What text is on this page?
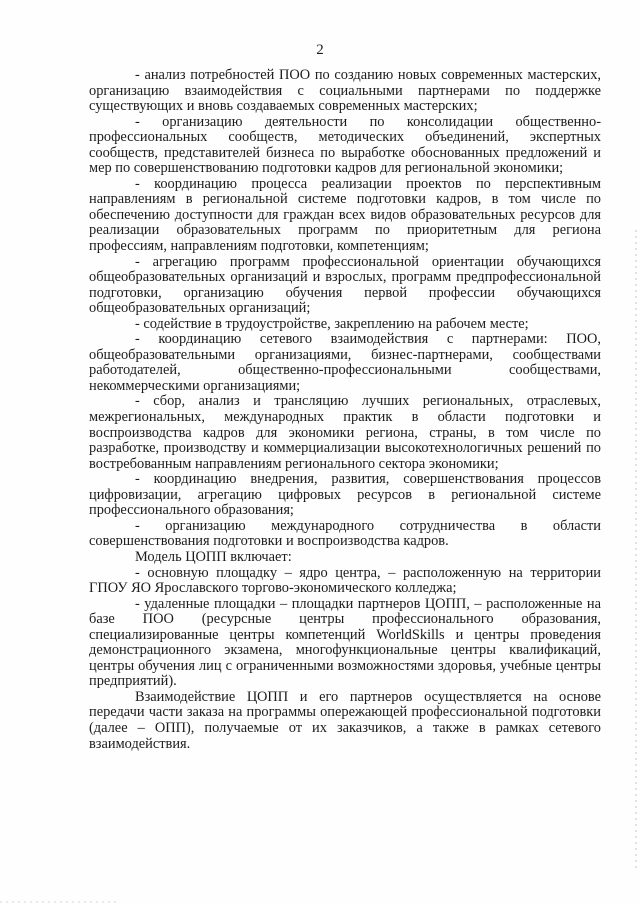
2

- анализ потребностей ПОО по созданию новых современных мастерских, организацию взаимодействия с социальными партнерами по поддержке существующих и вновь создаваемых современных мастерских;

- организацию деятельности по консолидации общественно-профессиональных сообществ, методических объединений, экспертных сообществ, представителей бизнеса по выработке обоснованных предложений и мер по совершенствованию подготовки кадров для региональной экономики;

- координацию процесса реализации проектов по перспективным направлениям в региональной системе подготовки кадров, в том числе по обеспечению доступности для граждан всех видов образовательных ресурсов для реализации образовательных программ по приоритетным для региона профессиям, направлениям подготовки, компетенциям;

- агрегацию программ профессиональной ориентации обучающихся общеобразовательных организаций и взрослых, программ предпрофессиональной подготовки, организацию обучения первой профессии обучающихся общеобразовательных организаций;

- содействие в трудоустройстве, закреплению на рабочем месте;

- координацию сетевого взаимодействия с партнерами: ПОО, общеобразовательными организациями, бизнес-партнерами, сообществами работодателей, общественно-профессиональными сообществами, некоммерческими организациями;

- сбор, анализ и трансляцию лучших региональных, отраслевых, межрегиональных, международных практик в области подготовки и воспроизводства кадров для экономики региона, страны, в том числе по разработке, производству и коммерциализации высокотехнологичных решений по востребованным направлениям регионального сектора экономики;

- координацию внедрения, развития, совершенствования процессов цифровизации, агрегацию цифровых ресурсов в региональной системе профессионального образования;

- организацию международного сотрудничества в области совершенствования подготовки и воспроизводства кадров.

Модель ЦОПП включает:

- основную площадку – ядро центра, – расположенную на территории ГПОУ ЯО Ярославского торгово-экономического колледжа;

- удаленные площадки – площадки партнеров ЦОПП, – расположенные на базе ПОО (ресурсные центры профессионального образования, специализированные центры компетенций WorldSkills и центры проведения демонстрационного экзамена, многофункциональные центры квалификаций, центры обучения лиц с ограниченными возможностями здоровья, учебные центры предприятий).

Взаимодействие ЦОПП и его партнеров осуществляется на основе передачи части заказа на программы опережающей профессиональной подготовки (далее – ОПП), получаемые от их заказчиков, а также в рамках сетевого взаимодействия.
